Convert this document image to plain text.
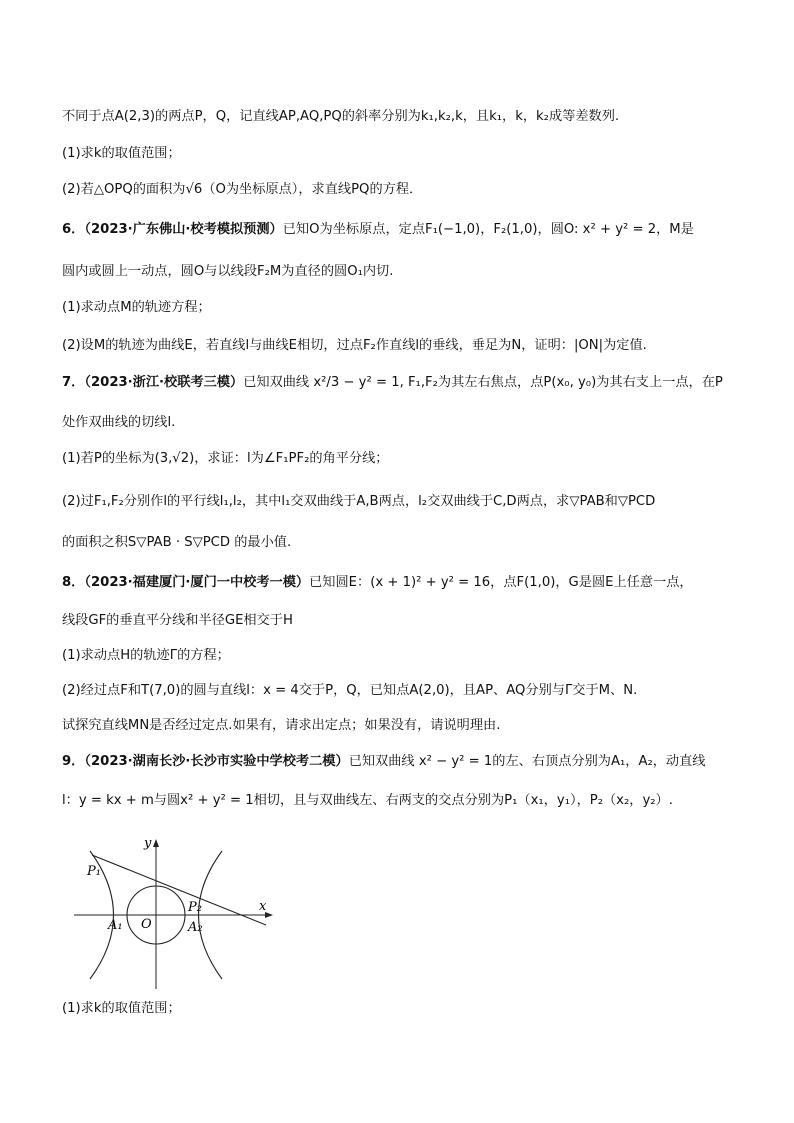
不同于点A(2,3)的两点P，Q，记直线AP,AQ,PQ的斜率分别为k₁,k₂,k，且k₁，k，k₂成等差数列.
(1)求k的取值范围；
(2)若△OPQ的面积为√6（O为坐标原点），求直线PQ的方程．
6．（2023·广东佛山·校考模拟预测）已知O为坐标原点，定点F₁(−1,0)，F₂(1,0)，圆O: x² + y² = 2，M是
圆内或圆上一动点，圆O与以线段F₂M为直径的圆O₁内切.
(1)求动点M的轨迹方程；
(2)设M的轨迹为曲线E，若直线l与曲线E相切，过点F₂作直线l的垂线，垂足为N，证明：|ON|为定值.
7．（2023·浙江·校联考三模）已知双曲线 x²/3 − y² = 1, F₁,F₂为其左右焦点，点P(x₀, y₀)为其右支上一点，在P
处作双曲线的切线l.
(1)若P的坐标为(3,√2)，求证：l为∠F₁PF₂的角平分线；
(2)过F₁,F₂分别作l的平行线l₁,l₂，其中l₁交双曲线于A,B两点，l₂交双曲线于C,D两点，求▽PAB和▽PCD
的面积之积S▽PAB · S▽PCD 的最小值.
8．（2023·福建厦门·厦门一中校考一模）已知圆E：(x + 1)² + y² = 16，点F(1,0)，G是圆E上任意一点，
线段GF的垂直平分线和半径GE相交于H
(1)求动点H的轨迹Γ的方程；
(2)经过点F和T(7,0)的圆与直线l：x = 4交于P，Q，已知点A(2,0)，且AP、AQ分别与Γ交于M、N.
试探究直线MN是否经过定点.如果有，请求出定点；如果没有，请说明理由.
9．（2023·湖南长沙·长沙市实验中学校考二模）已知双曲线 x² − y² = 1的左、右顶点分别为A₁，A₂，动直线
l：y = kx + m与圆x² + y² = 1相切，且与双曲线左、右两支的交点分别为P₁（x₁，y₁），P₂（x₂，y₂）.
y
x
O
P₁
P₂
A₁	A₂
(1)求k的取值范围；
